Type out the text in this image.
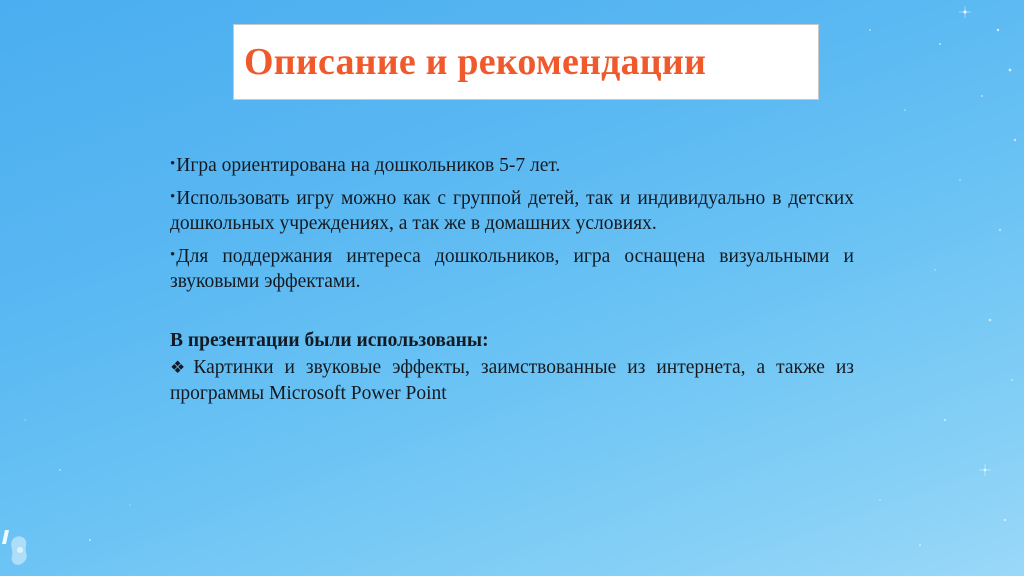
Описание и рекомендации

•Игра ориентирована на дошкольников 5-7 лет.

•Использовать игру можно как с группой детей, так и индивидуально в детских дошкольных учреждениях, а так же в домашних условиях.

•Для поддержания интереса дошкольников, игра оснащена визуальными и звуковыми эффектами.

В презентации были использованы:

❖ Картинки и звуковые эффекты, заимствованные из интернета, а также из программы Microsoft Power Point
